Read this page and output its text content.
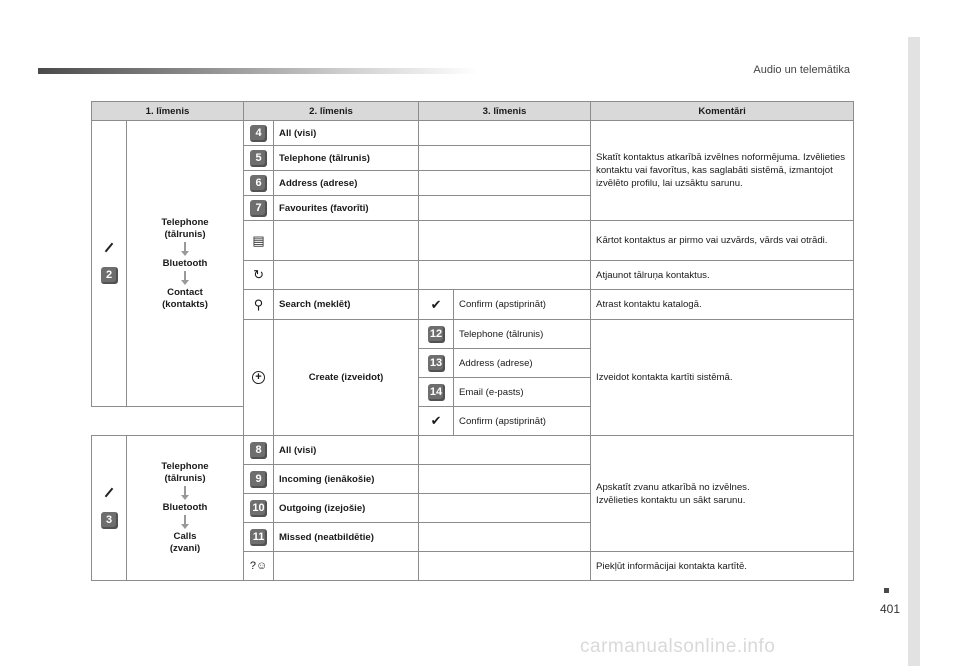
Audio un telemātika
401
carmanualsonline.info
1. līmenis		2. līmenis		3. līmenis		Komentāri

2	Telephone
(tālrunis)
Bluetooth
Contact
(kontakts)	4	All (visi)			Skatīt kontaktus atkarībā izvēlnes noformējuma. Izvēlieties kontaktu vai favorītus, kas saglabāti sistēmā, izmantojot izvēlēto profilu, lai uzsāktu sarunu.
		5	Telephone (tālrunis)			
		6	Address (adrese)			
		7	Favourites (favorīti)			
		▤				Kārtot kontaktus ar pirmo vai uzvārds, vārds vai otrādi.
		↻				Atjaunot tālruņa kontaktus.
		⚲	Search (meklēt)	✔	Confirm (apstiprināt)	Atrast kontaktu katalogā.
		+	Create (izveidot)	12	Telephone (tālrunis)	Izveidot kontakta kartīti sistēmā.
				13	Address (adrese)	
				14	Email (e-pasts)	
				✔	Confirm (apstiprināt)	

3	Telephone
(tālrunis)
Bluetooth
Calls
(zvani)	8	All (visi)			Apskatīt zvanu atkarībā no izvēlnes.
Izvēlieties kontaktu un sākt sarunu.
		9	Incoming (ienākošie)			
		10	Outgoing (izejošie)			
		11	Missed (neatbildētie)			
		?☺				Piekļūt informācijai kontakta kartītē.
